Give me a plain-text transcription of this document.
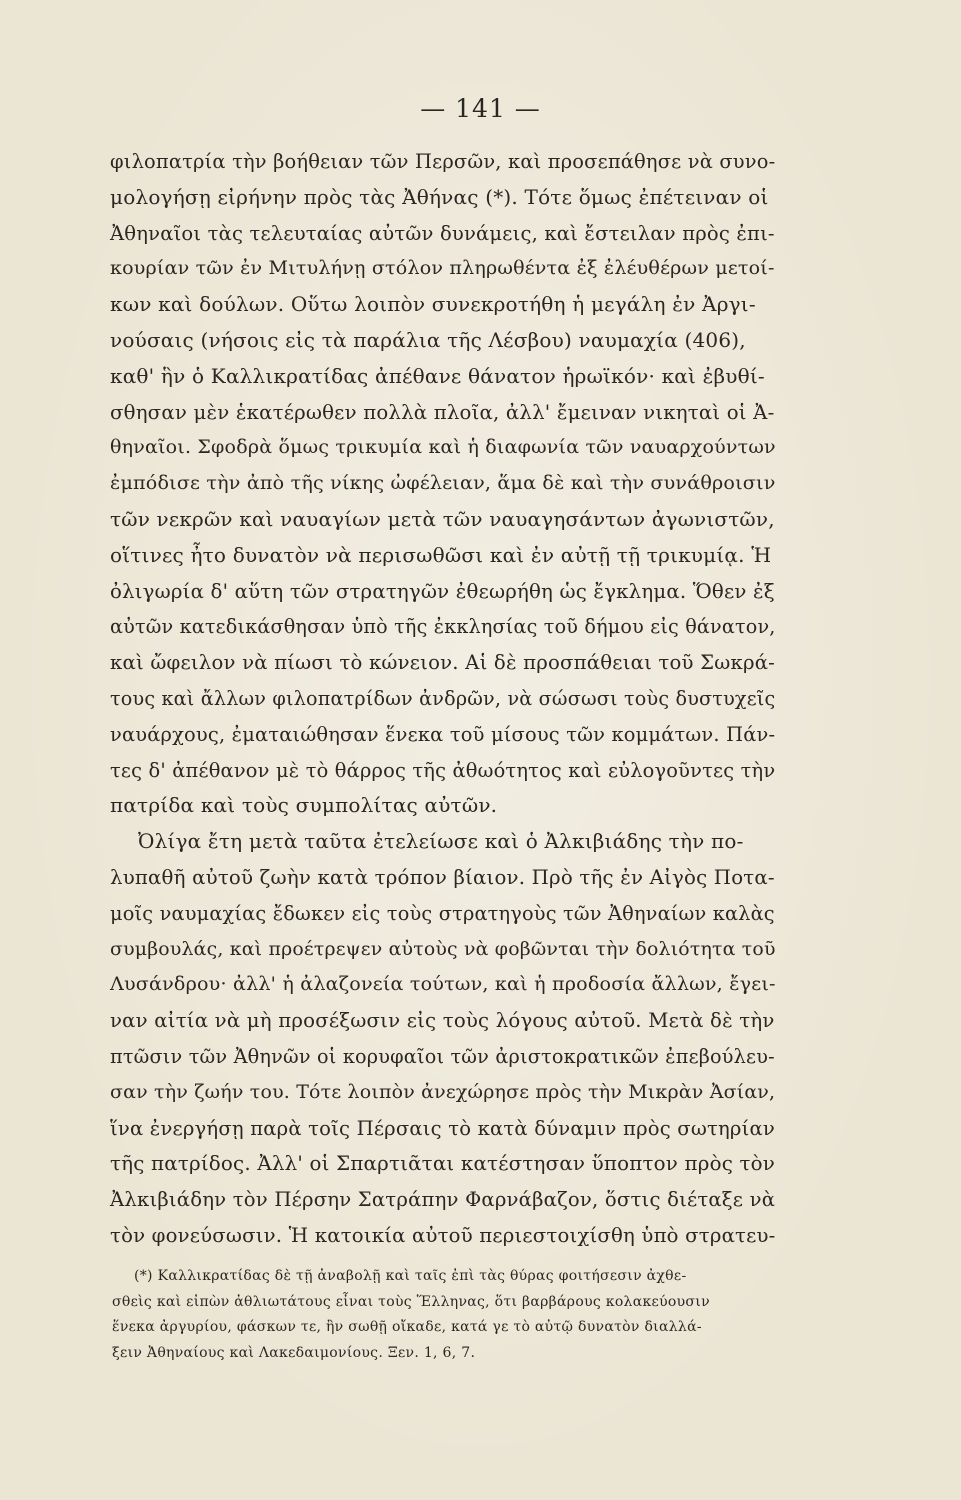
— 141 —
φιλοπατρία τὴν βοήθειαν τῶν Περσῶν, καὶ προσεπάθησε νὰ συνο-
μολογήσῃ εἰρήνην πρὸς τὰς Ἀθήνας (*). Τότε ὅμως ἐπέτειναν οἱ
Ἀθηναῖοι τὰς τελευταίας αὐτῶν δυνάμεις, καὶ ἔστειλαν πρὸς ἐπι-
κουρίαν τῶν ἐν Μιτυλήνῃ στόλον πληρωθέντα ἐξ ἐλέυθέρων μετοί-
κων καὶ δούλων. Οὕτω λοιπὸν συνεκροτήθη ἡ μεγάλη ἐν Ἀργι-
νούσαις (νήσοις εἰς τὰ παράλια τῆς Λέσβου) ναυμαχία (406),
καθ' ἣν ὁ Καλλικρατίδας ἀπέθανε θάνατον ἡρωϊκόν· καὶ ἐβυθί-
σθησαν μὲν ἑκατέρωθεν πολλὰ πλοῖα, ἀλλ' ἔμειναν νικηταὶ οἱ Ἀ-
θηναῖοι. Σφοδρὰ ὅμως τρικυμία καὶ ἡ διαφωνία τῶν ναυαρχούντων
ἐμπόδισε τὴν ἀπὸ τῆς νίκης ὠφέλειαν, ἅμα δὲ καὶ τὴν συνάθροισιν
τῶν νεκρῶν καὶ ναυαγίων μετὰ τῶν ναυαγησάντων ἀγωνιστῶν,
οἵτινες ἦτο δυνατὸν νὰ περισωθῶσι καὶ ἐν αὐτῇ τῇ τρικυμίᾳ. Ἡ
ὀλιγωρία δ' αὕτη τῶν στρατηγῶν ἐθεωρήθη ὡς ἔγκλημα. Ὅθεν ἐξ
αὐτῶν κατεδικάσθησαν ὑπὸ τῆς ἐκκλησίας τοῦ δήμου εἰς θάνατον,
καὶ ὤφειλον νὰ πίωσι τὸ κώνειον. Αἱ δὲ προσπάθειαι τοῦ Σωκρά-
τους καὶ ἄλλων φιλοπατρίδων ἀνδρῶν, νὰ σώσωσι τοὺς δυστυχεῖς
ναυάρχους, ἐματαιώθησαν ἕνεκα τοῦ μίσους τῶν κομμάτων. Πάν-
τες δ' ἀπέθανον μὲ τὸ θάρρος τῆς ἀθωότητος καὶ εὐλογοῦντες τὴν
πατρίδα καὶ τοὺς συμπολίτας αὐτῶν.
Ὀλίγα ἔτη μετὰ ταῦτα ἐτελείωσε καὶ ὁ Ἀλκιβιάδης τὴν πο-
λυπαθῆ αὐτοῦ ζωὴν κατὰ τρόπον βίαιον. Πρὸ τῆς ἐν Αἰγὸς Ποτα-
μοῖς ναυμαχίας ἔδωκεν εἰς τοὺς στρατηγοὺς τῶν Ἀθηναίων καλὰς
συμβουλάς, καὶ προέτρεψεν αὐτοὺς νὰ φοβῶνται τὴν δολιότητα τοῦ
Λυσάνδρου· ἀλλ' ἡ ἀλαζονεία τούτων, καὶ ἡ προδοσία ἄλλων, ἔγει-
ναν αἰτία νὰ μὴ προσέξωσιν εἰς τοὺς λόγους αὐτοῦ. Μετὰ δὲ τὴν
πτῶσιν τῶν Ἀθηνῶν οἱ κορυφαῖοι τῶν ἀριστοκρατικῶν ἐπεβούλευ-
σαν τὴν ζωήν του. Τότε λοιπὸν ἀνεχώρησε πρὸς τὴν Μικρὰν Ἀσίαν,
ἵνα ἐνεργήσῃ παρὰ τοῖς Πέρσαις τὸ κατὰ δύναμιν πρὸς σωτηρίαν
τῆς πατρίδος. Ἀλλ' οἱ Σπαρτιᾶται κατέστησαν ὕποπτον πρὸς τὸν
Ἀλκιβιάδην τὸν Πέρσην Σατράπην Φαρνάβαζον, ὅστις διέταξε νὰ
τὸν φονεύσωσιν. Ἡ κατοικία αὐτοῦ περιεστοιχίσθη ὑπὸ στρατευ-
(*) Καλλικρατίδας δὲ τῇ ἀναβολῇ καὶ ταῖς ἐπὶ τὰς θύρας φοιτήσεσιν ἀχθε-
σθεὶς καὶ εἰπὼν ἀθλιωτάτους εἶναι τοὺς Ἕλληνας, ὅτι βαρβάρους κολακεύουσιν
ἕνεκα ἀργυρίου, φάσκων τε, ἢν σωθῇ οἴκαδε, κατά γε τὸ αὐτῷ δυνατὸν διαλλά-
ξειν Ἀθηναίους καὶ Λακεδαιμονίους. Ξεν. 1, 6, 7.
